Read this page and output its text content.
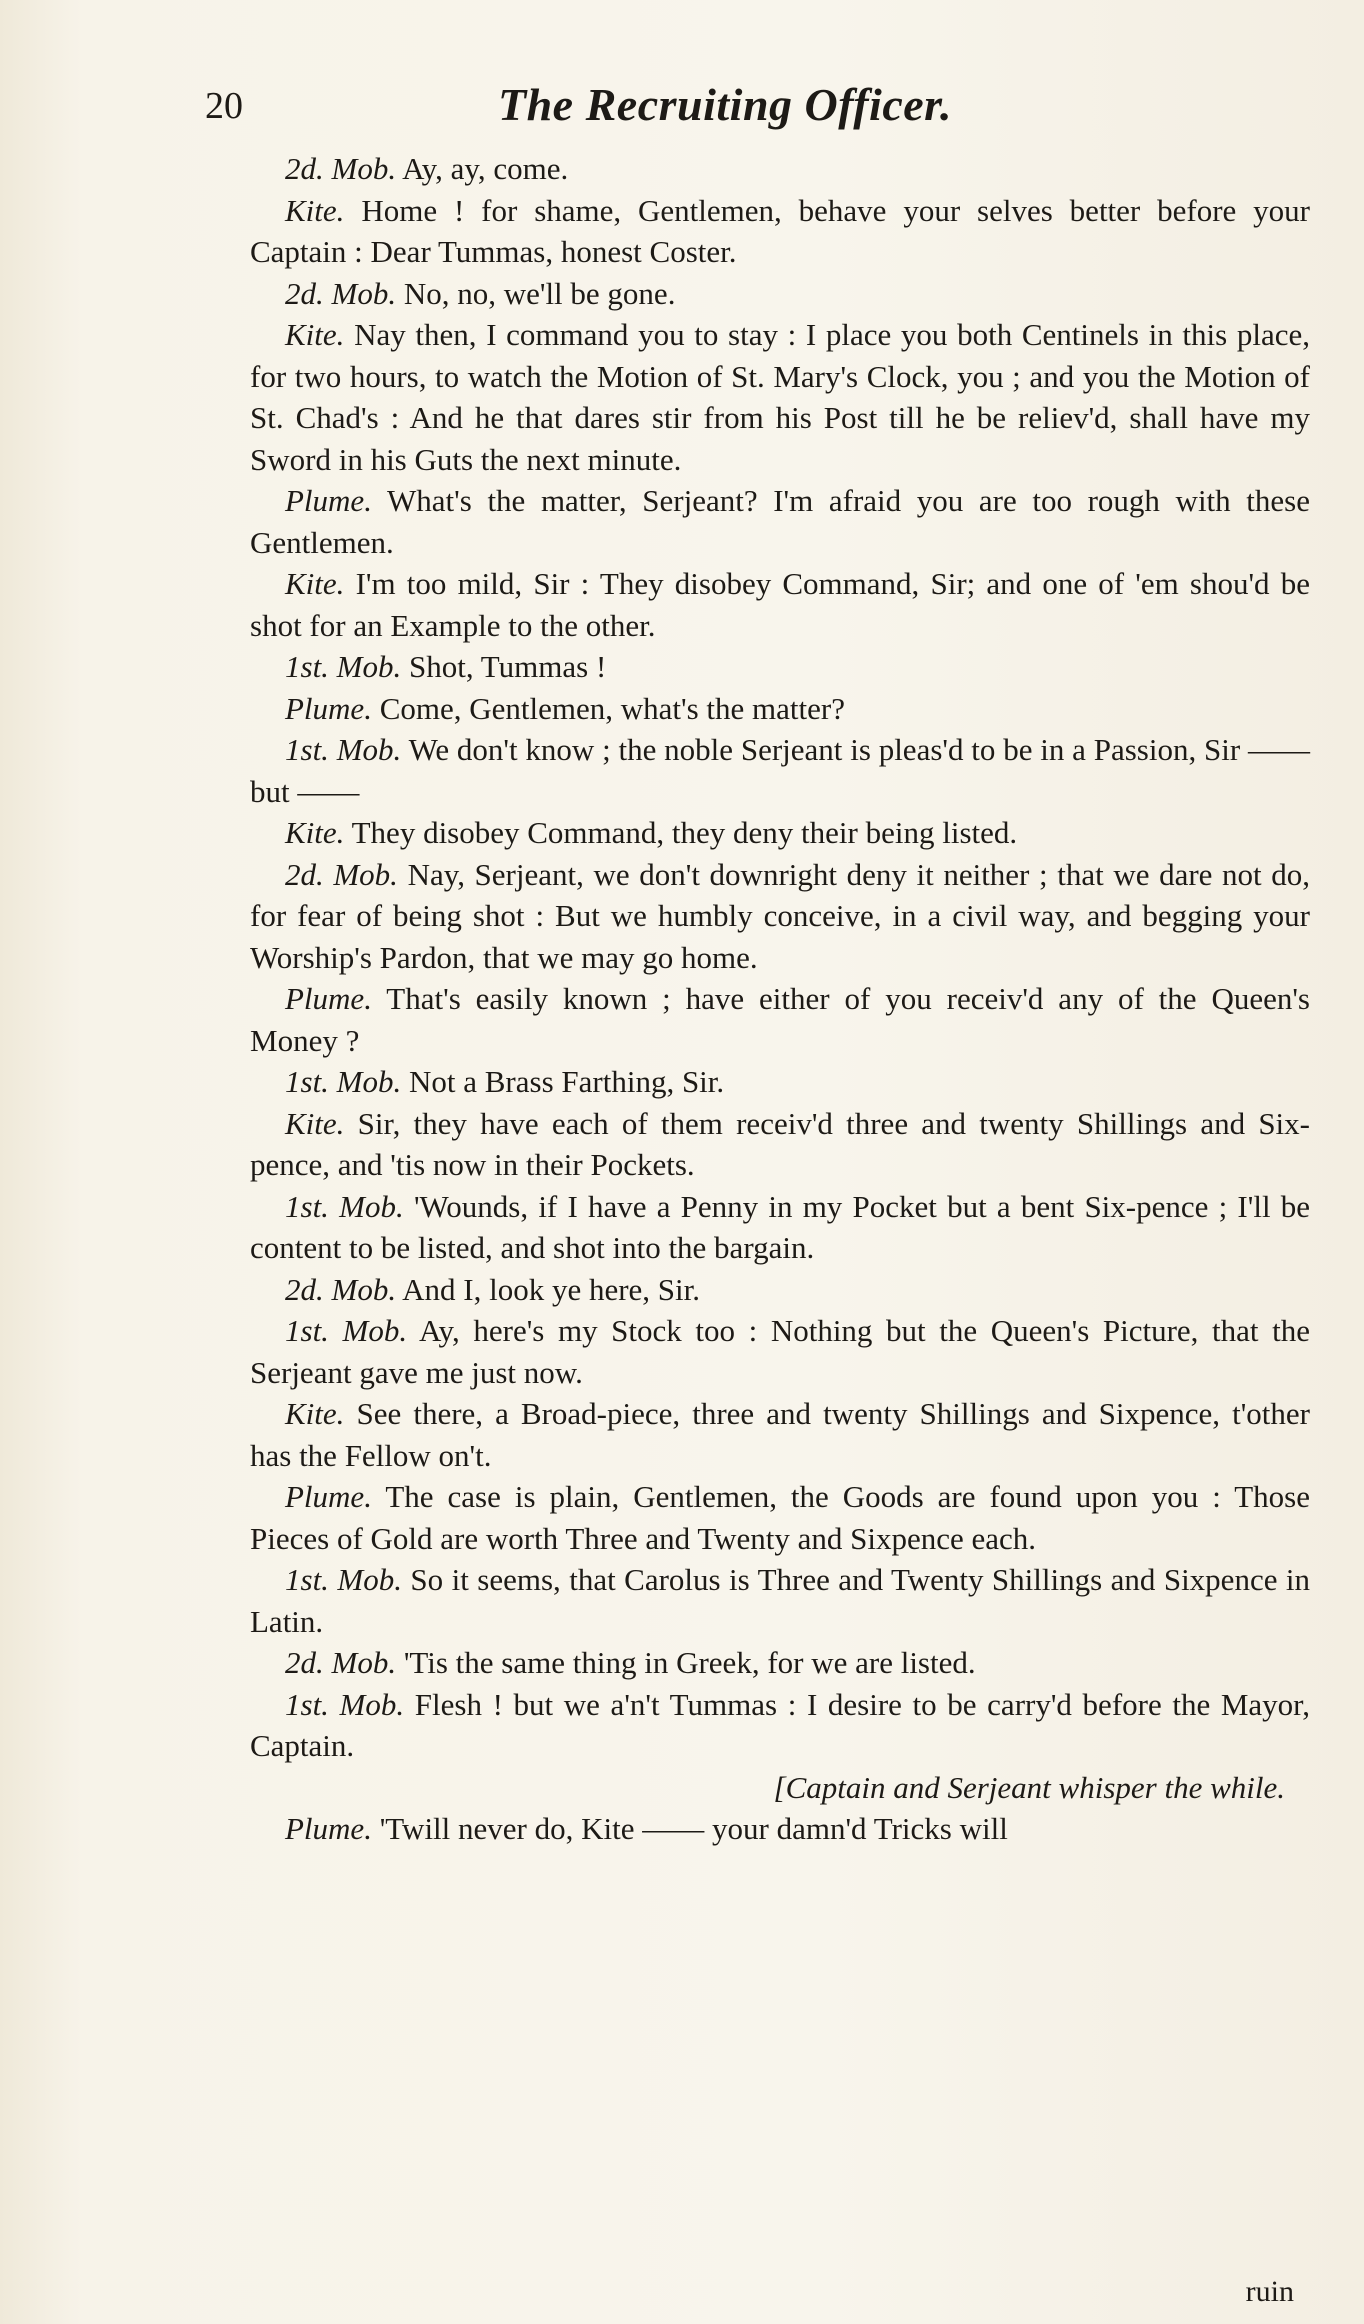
20	The Recruiting Officer.

2d. Mob. Ay, ay, come.

Kite. Home ! for shame, Gentlemen, behave your selves better before your Captain : Dear Tummas, honest Coster.

2d. Mob. No, no, we'll be gone.

Kite. Nay then, I command you to stay : I place you both Centinels in this place, for two hours, to watch the Motion of St. Mary's Clock, you ; and you the Motion of St. Chad's : And he that dares stir from his Post till he be reliev'd, shall have my Sword in his Guts the next minute.

Plume. What's the matter, Serjeant? I'm afraid you are too rough with these Gentlemen.

Kite. I'm too mild, Sir : They disobey Command, Sir; and one of 'em shou'd be shot for an Example to the other.

1st. Mob. Shot, Tummas !

Plume. Come, Gentlemen, what's the matter?

1st. Mob. We don't know ; the noble Serjeant is pleas'd to be in a Passion, Sir —— but ——

Kite. They disobey Command, they deny their being listed.

2d. Mob. Nay, Serjeant, we don't downright deny it neither ; that we dare not do, for fear of being shot : But we humbly conceive, in a civil way, and begging your Worship's Pardon, that we may go home.

Plume. That's easily known ; have either of you receiv'd any of the Queen's Money ?

1st. Mob. Not a Brass Farthing, Sir.

Kite. Sir, they have each of them receiv'd three and twenty Shillings and Six-pence, and 'tis now in their Pockets.

1st. Mob. 'Wounds, if I have a Penny in my Pocket but a bent Six-pence ; I'll be content to be listed, and shot into the bargain.

2d. Mob. And I, look ye here, Sir.

1st. Mob. Ay, here's my Stock too : Nothing but the Queen's Picture, that the Serjeant gave me just now.

Kite. See there, a Broad-piece, three and twenty Shillings and Sixpence, t'other has the Fellow on't.

Plume. The case is plain, Gentlemen, the Goods are found upon you : Those Pieces of Gold are worth Three and Twenty and Sixpence each.

1st. Mob. So it seems, that Carolus is Three and Twenty Shillings and Sixpence in Latin.

2d. Mob. 'Tis the same thing in Greek, for we are listed.

1st. Mob. Flesh ! but we a'n't Tummas : I desire to be carry'd before the Mayor, Captain.
[Captain and Serjeant whisper the while.

Plume. 'Twill never do, Kite —— your damn'd Tricks will

ruin
